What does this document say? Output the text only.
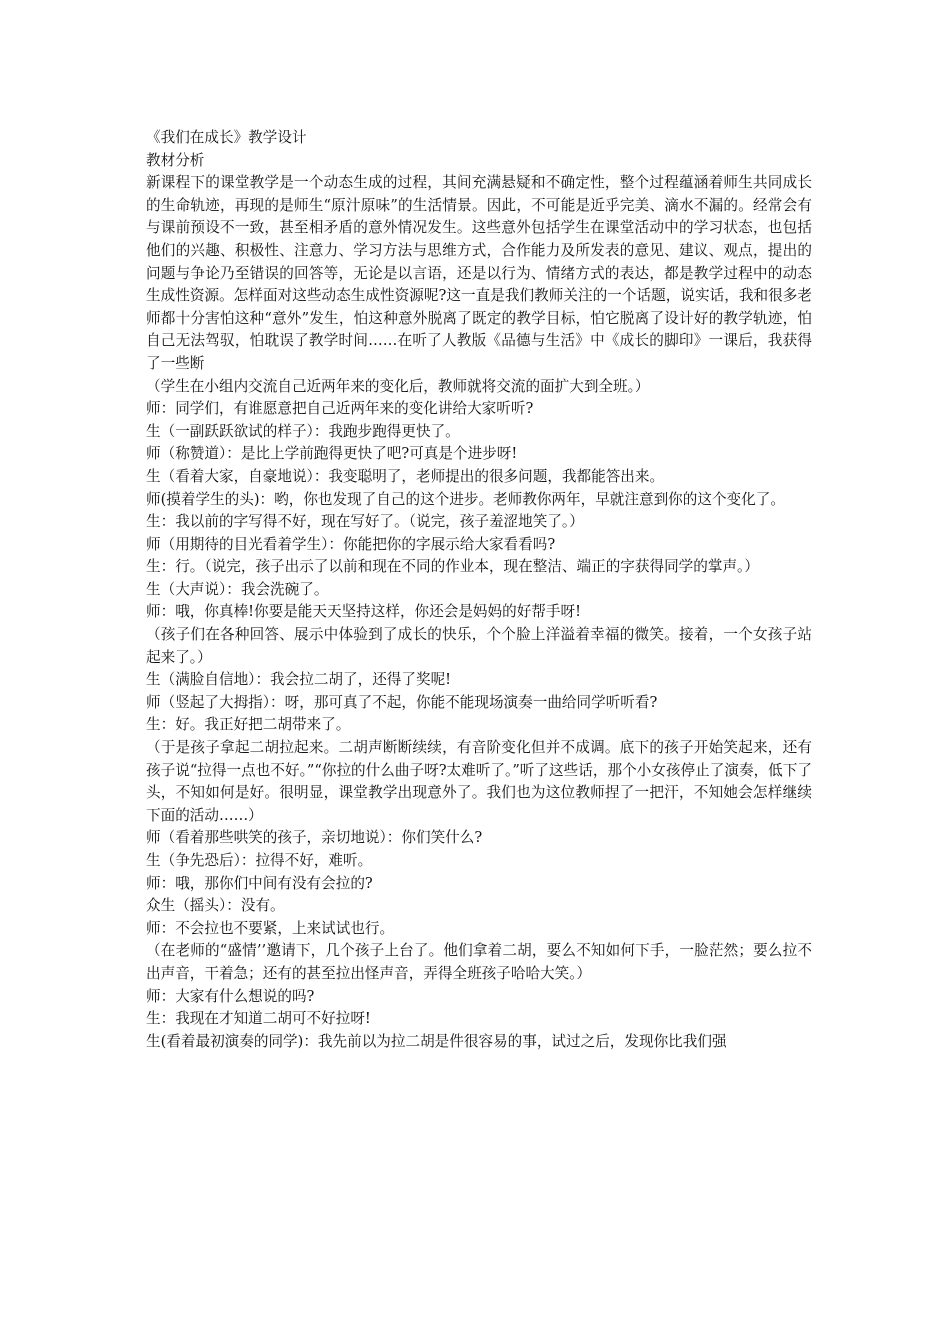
《我们在成长》教学设计

教材分析

新课程下的课堂教学是一个动态生成的过程，其间充满悬疑和不确定性，整个过程蕴涵着师生共同成长的生命轨迹，再现的是师生“原汁原味”的生活情景。因此，不可能是近乎完美、滴水不漏的。经常会有与课前预设不一致，甚至相矛盾的意外情况发生。这些意外包括学生在课堂活动中的学习状态，也包括他们的兴趣、积极性、注意力、学习方法与思维方式，合作能力及所发表的意见、建议、观点，提出的问题与争论乃至错误的回答等，无论是以言语，还是以行为、情绪方式的表达，都是教学过程中的动态生成性资源。怎样面对这些动态生成性资源呢?这一直是我们教师关注的一个话题，说实话，我和很多老师都十分害怕这种“意外”发生，怕这种意外脱离了既定的教学目标，怕它脱离了设计好的教学轨迹，怕自己无法驾驭，怕耽误了教学时间……在听了人教版《品德与生活》中《成长的脚印》一课后，我获得了一些断

（学生在小组内交流自己近两年来的变化后，教师就将交流的面扩大到全班。）

师：同学们，有谁愿意把自己近两年来的变化讲给大家听听?

生（一副跃跃欲试的样子）：我跑步跑得更快了。

师（称赞道）：是比上学前跑得更快了吧?可真是个进步呀!

生（看着大家，自豪地说）：我变聪明了，老师提出的很多问题，我都能答出来。

师(摸着学生的头)：哟，你也发现了自己的这个进步。老师教你两年，早就注意到你的这个变化了。

生：我以前的字写得不好，现在写好了。（说完，孩子羞涩地笑了。）

师（用期待的目光看着学生）：你能把你的字展示给大家看看吗?

生：行。（说完，孩子出示了以前和现在不同的作业本，现在整洁、端正的字获得同学的掌声。）

生（大声说）：我会洗碗了。

师：哦，你真棒!你要是能天天坚持这样，你还会是妈妈的好帮手呀!

（孩子们在各种回答、展示中体验到了成长的快乐，个个脸上洋溢着幸福的微笑。接着，一个女孩子站起来了。）

生（满脸自信地）：我会拉二胡了，还得了奖呢!

师（竖起了大拇指）：呀，那可真了不起，你能不能现场演奏一曲给同学听听看?

生：好。我正好把二胡带来了。

（于是孩子拿起二胡拉起来。二胡声断断续续，有音阶变化但并不成调。底下的孩子开始笑起来，还有孩子说“拉得一点也不好。”“你拉的什么曲子呀?太难听了。”听了这些话，那个小女孩停止了演奏，低下了头，不知如何是好。很明显，课堂教学出现意外了。我们也为这位教师捏了一把汗，不知她会怎样继续下面的活动……）

师（看着那些哄笑的孩子，亲切地说）：你们笑什么?

生（争先恐后）：拉得不好，难听。

师：哦，那你们中间有没有会拉的?

众生（摇头）：没有。

师：不会拉也不要紧，上来试试也行。

（在老师的“盛情’’邀请下，几个孩子上台了。他们拿着二胡，要么不知如何下手，一脸茫然；要么拉不出声音，干着急；还有的甚至拉出怪声音，弄得全班孩子哈哈大笑。）

师：大家有什么想说的吗?

生：我现在才知道二胡可不好拉呀!

生(看着最初演奏的同学)：我先前以为拉二胡是件很容易的事，试过之后，发现你比我们强
